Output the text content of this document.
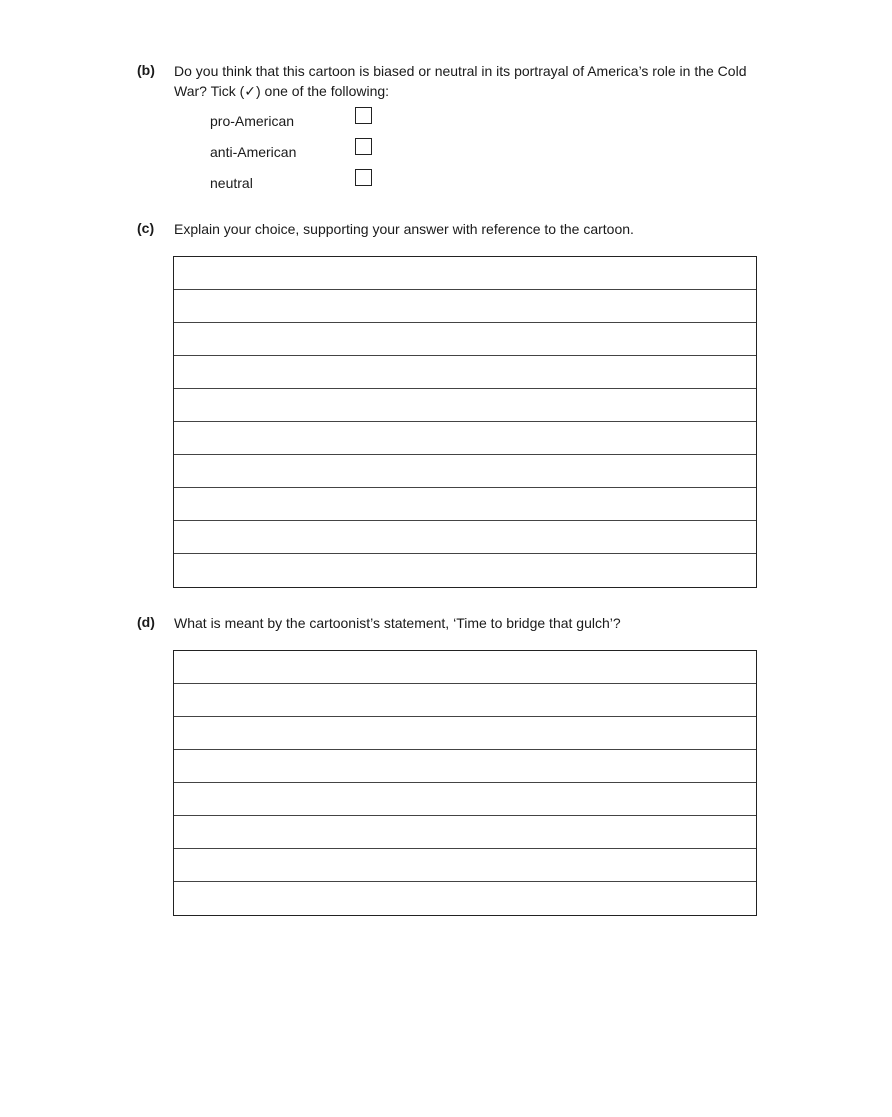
(b) Do you think that this cartoon is biased or neutral in its portrayal of America’s role in the Cold War? Tick (✓) one of the following:
pro-American
anti-American
neutral
(c) Explain your choice, supporting your answer with reference to the cartoon.
(d) What is meant by the cartoonist’s statement, ‘Time to bridge that gulch’?
